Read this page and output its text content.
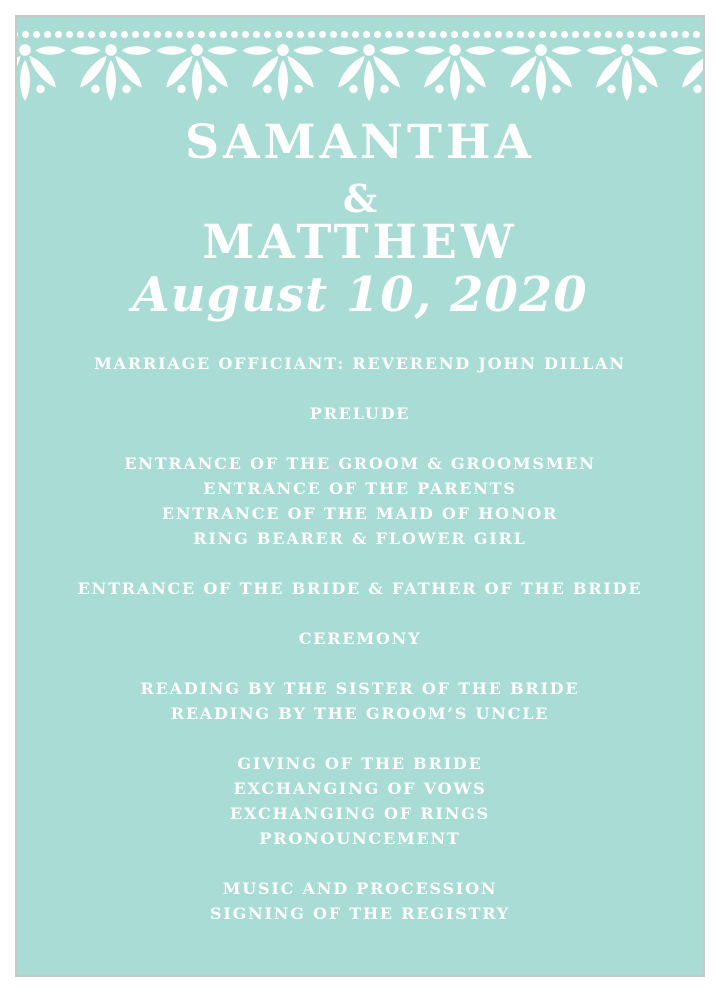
SAMANTHA
&
MATTHEW
August 10, 2020
MARRIAGE OFFICIANT: REVEREND JOHN DILLAN
PRELUDE
ENTRANCE OF THE GROOM & GROOMSMEN
ENTRANCE OF THE PARENTS
ENTRANCE OF THE MAID OF HONOR
RING BEARER & FLOWER GIRL
ENTRANCE OF THE BRIDE & FATHER OF THE BRIDE
CEREMONY
READING BY THE SISTER OF THE BRIDE
READING BY THE GROOM’S UNCLE
GIVING OF THE BRIDE
EXCHANGING OF VOWS
EXCHANGING OF RINGS
PRONOUNCEMENT
MUSIC AND PROCESSION
SIGNING OF THE REGISTRY
